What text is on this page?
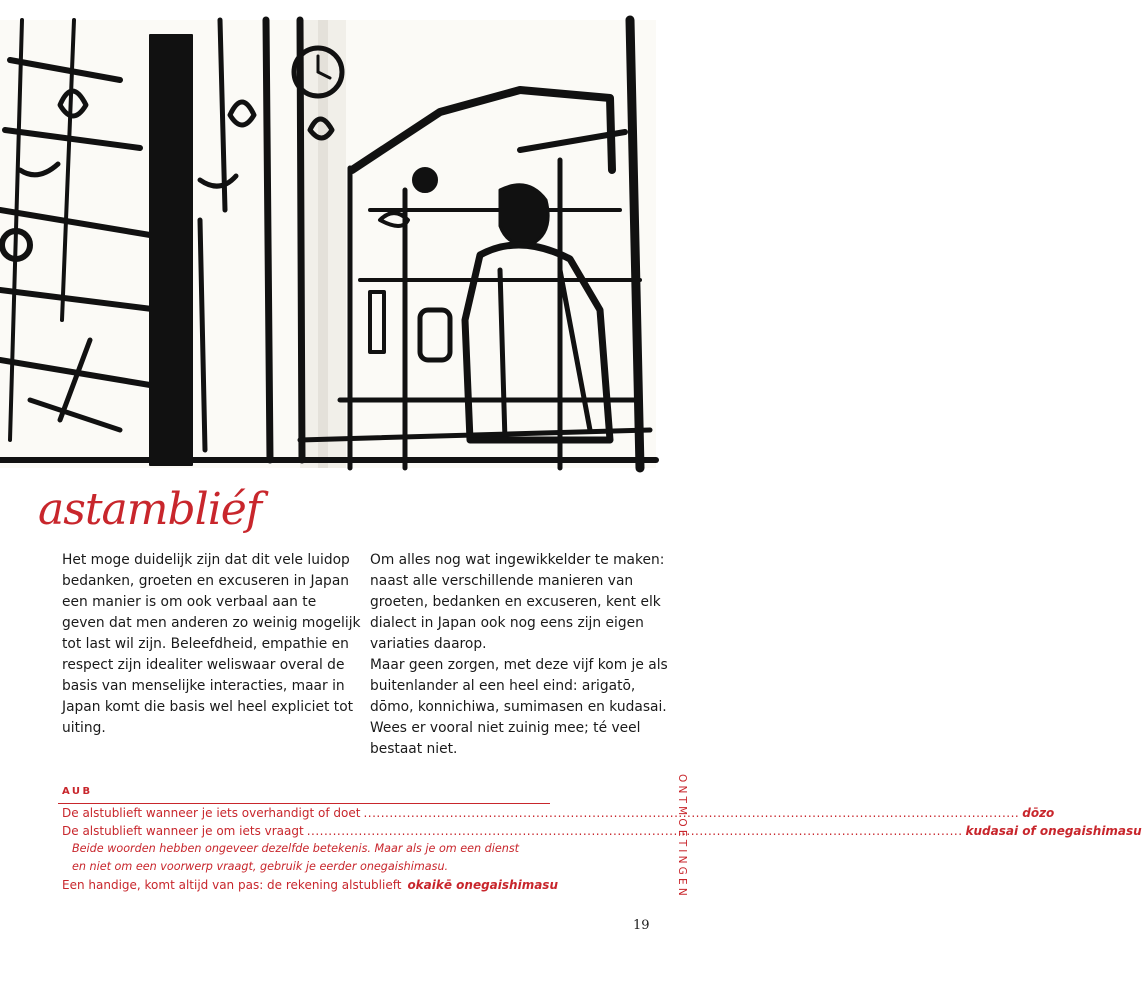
astambliéf

Het moge duidelijk zijn dat dit vele luidop bedanken, groeten en excuseren in Japan een manier is om ook verbaal aan te geven dat men anderen zo weinig mogelijk tot last wil zijn. Beleefdheid, empathie en respect zijn idealiter weliswaar overal de basis van menselijke interacties, maar in Japan komt die basis wel heel expliciet tot uiting.

Om alles nog wat ingewikkelder te maken: naast alle verschillende manieren van groeten, bedanken en excuseren, kent elk dialect in Japan ook nog eens zijn eigen variaties daarop.

Maar geen zorgen, met deze vijf kom je als buitenlander al een heel eind: arigatō, dōmo, konnichiwa, sumimasen en kudasai. Wees er vooral niet zuinig mee; té veel bestaat niet.

AUB
De alstublieft wanneer je iets overhandigt of doet ........................................................................................................................................................ dōzo
De alstublieft wanneer je om iets vraagt ........................................................................................................................................................ kudasai of onegaishimasu
Beide woorden hebben ongeveer dezelfde betekenis. Maar als je om een dienst
en niet om een voorwerp vraagt, gebruik je eerder onegaishimasu.
Een handige, komt altijd van pas: de rekening alstublieft okaikē onegaishimasu	ONTMOETINGEN
19
